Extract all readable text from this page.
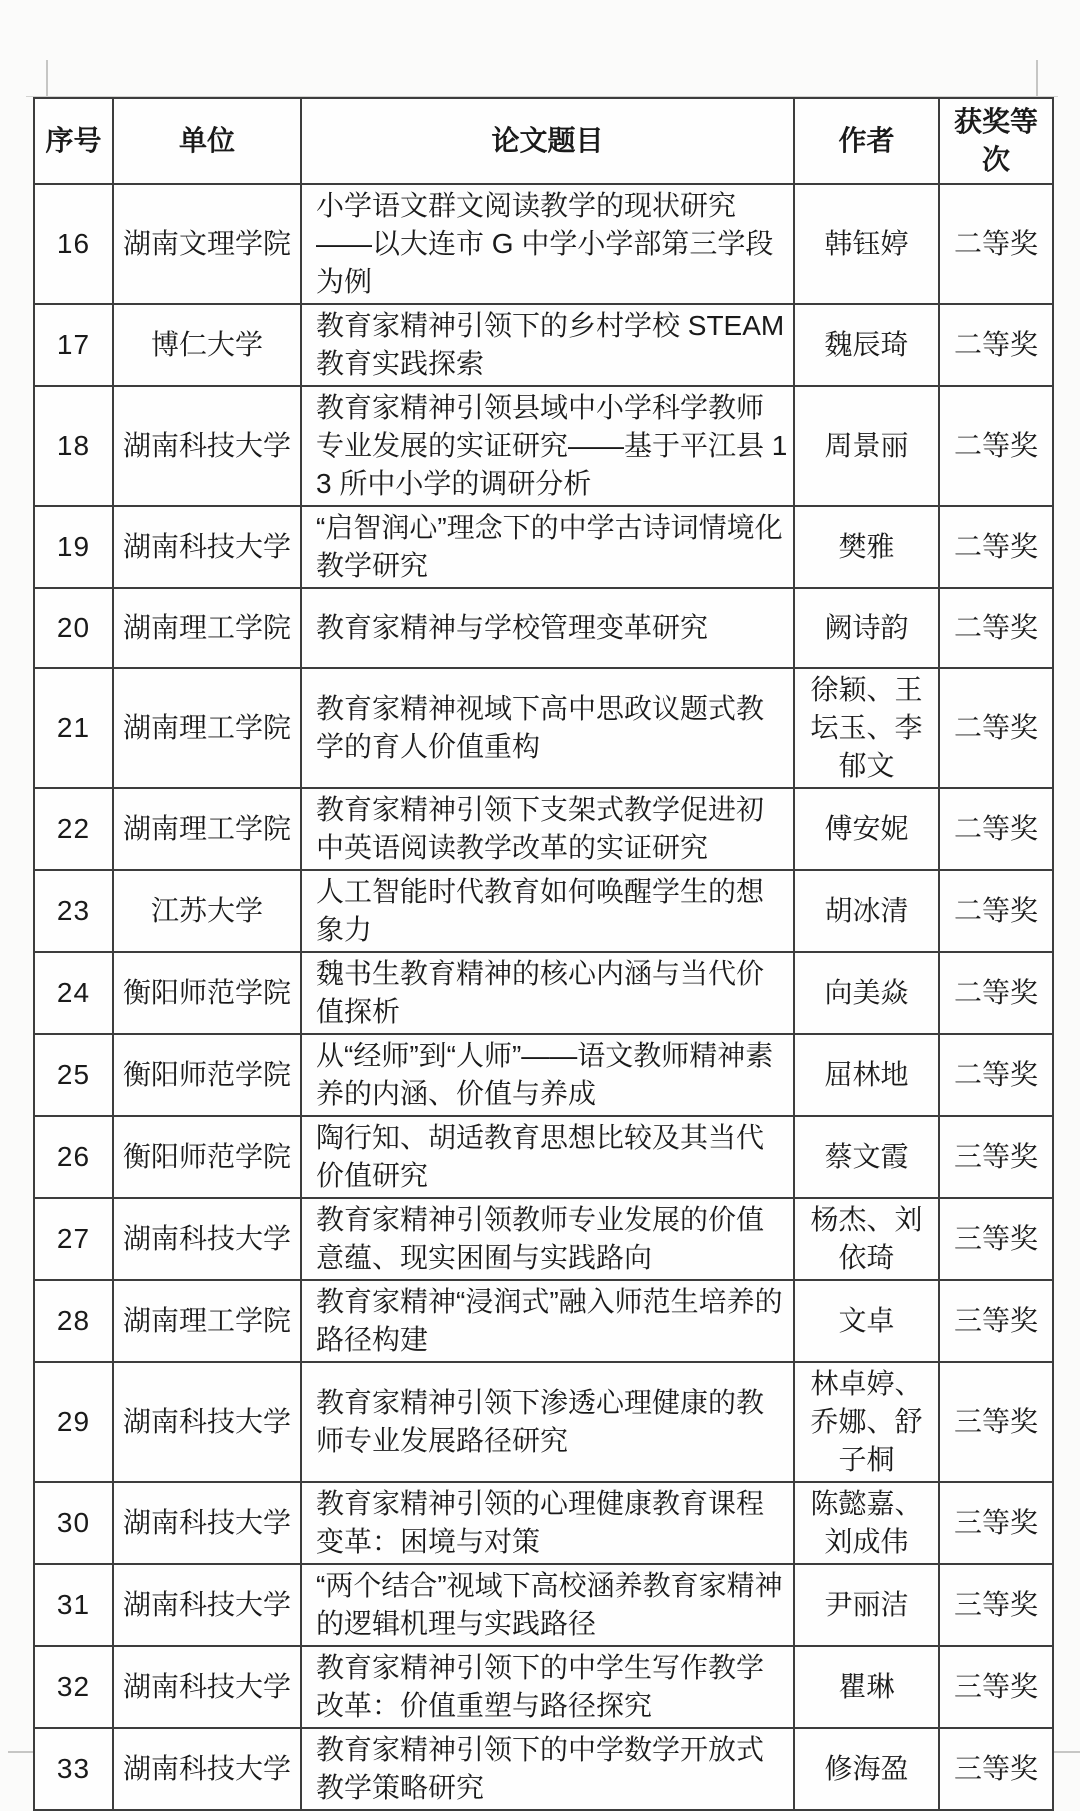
序号	单位	论文题目	作者	获奖等次
16	湖南文理学院	小学语文群文阅读教学的现状研究——以大连市 G 中学小学部第三学段为例	韩钰婷	二等奖
17	博仁大学	教育家精神引领下的乡村学校 STEAM 教育实践探索	魏辰琦	二等奖
18	湖南科技大学	教育家精神引领县域中小学科学教师专业发展的实证研究——基于平江县 13 所中小学的调研分析	周景丽	二等奖
19	湖南科技大学	“启智润心”理念下的中学古诗词情境化教学研究	樊雅	二等奖
20	湖南理工学院	教育家精神与学校管理变革研究	阙诗韵	二等奖
21	湖南理工学院	教育家精神视域下高中思政议题式教学的育人价值重构	徐颖、王坛玉、李郁文	二等奖
22	湖南理工学院	教育家精神引领下支架式教学促进初中英语阅读教学改革的实证研究	傅安妮	二等奖
23	江苏大学	人工智能时代教育如何唤醒学生的想象力	胡冰清	二等奖
24	衡阳师范学院	魏书生教育精神的核心内涵与当代价值探析	向美焱	二等奖
25	衡阳师范学院	从“经师”到“人师”——语文教师精神素养的内涵、价值与养成	屈林地	二等奖
26	衡阳师范学院	陶行知、胡适教育思想比较及其当代价值研究	蔡文霞	三等奖
27	湖南科技大学	教育家精神引领教师专业发展的价值意蕴、现实困囿与实践路向	杨杰、刘依琦	三等奖
28	湖南理工学院	教育家精神“浸润式”融入师范生培养的路径构建	文卓	三等奖
29	湖南科技大学	教育家精神引领下渗透心理健康的教师专业发展路径研究	林卓婷、乔娜、舒子桐	三等奖
30	湖南科技大学	教育家精神引领的心理健康教育课程变革：困境与对策	陈懿嘉、刘成伟	三等奖
31	湖南科技大学	“两个结合”视域下高校涵养教育家精神的逻辑机理与实践路径	尹丽洁	三等奖
32	湖南科技大学	教育家精神引领下的中学生写作教学改革：价值重塑与路径探究	瞿琳	三等奖
33	湖南科技大学	教育家精神引领下的中学数学开放式教学策略研究	修海盈	三等奖
